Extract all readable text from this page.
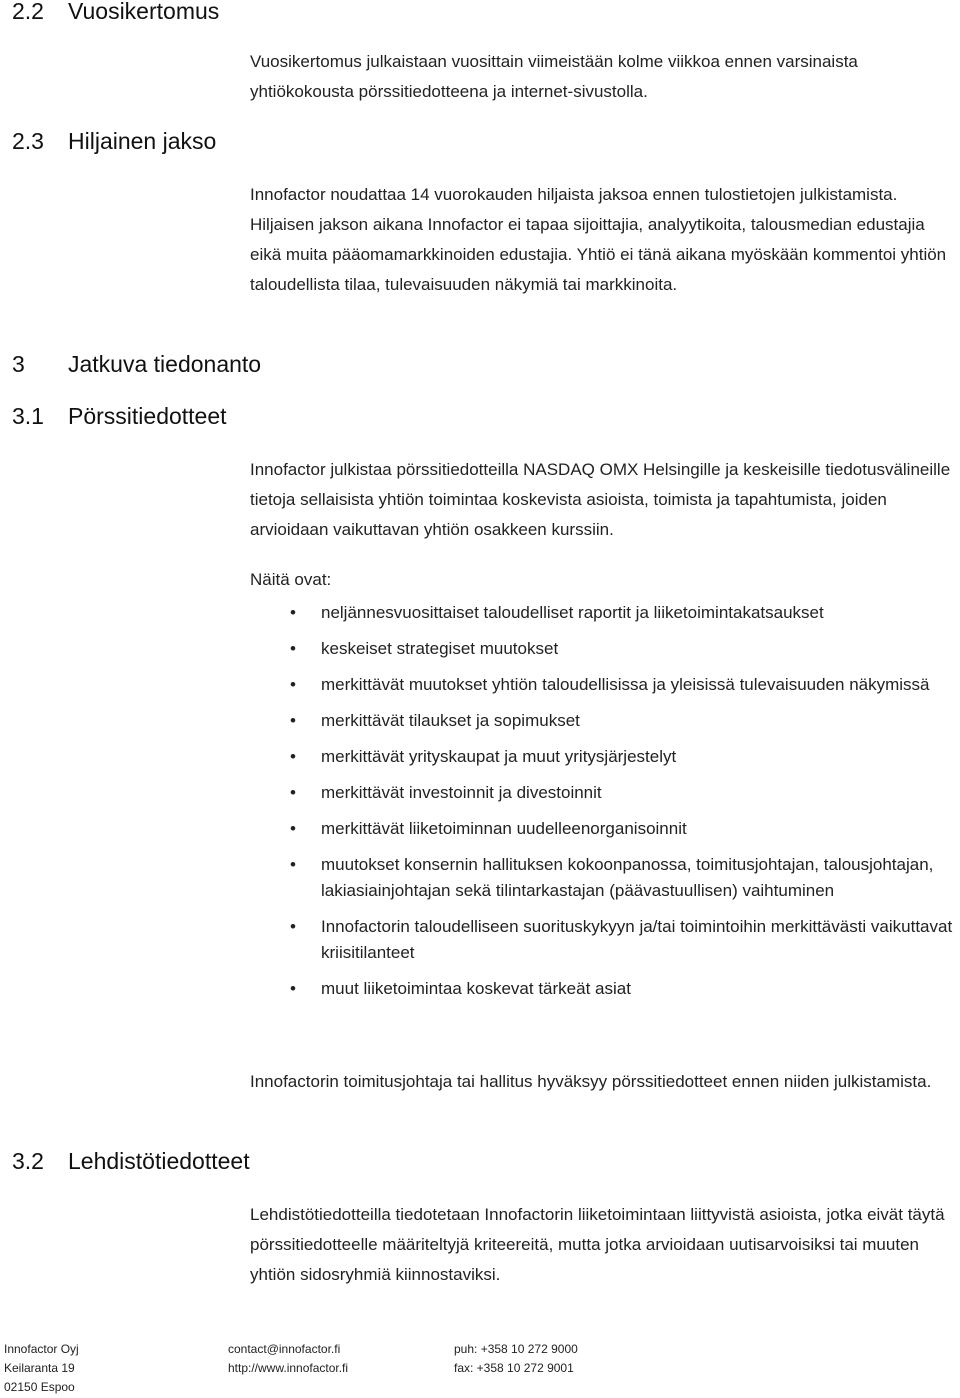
2.2 Vuosikertomus
2.3 Hiljainen jakso
3 Jatkuva tiedonanto
3.1 Pörssitiedotteet
3.2 Lehdistötiedotteet

Vuosikertomus julkaistaan vuosittain viimeistään kolme viikkoa ennen varsinaista yhtiökokousta pörssitiedotteena ja internet-sivustolla.

Innofactor noudattaa 14 vuorokauden hiljaista jaksoa ennen tulostietojen julkistamista. Hiljaisen jakson aikana Innofactor ei tapaa sijoittajia, analyytikoita, talousmedian edustajia eikä muita pääomamarkkinoiden edustajia. Yhtiö ei tänä aikana myöskään kommentoi yhtiön taloudellista tilaa, tulevaisuuden näkymiä tai markkinoita.

Innofactor julkistaa pörssitiedotteilla NASDAQ OMX Helsingille ja keskeisille tiedotusvälineille tietoja sellaisista yhtiön toimintaa koskevista asioista, toimista ja tapahtumista, joiden arvioidaan vaikuttavan yhtiön osakkeen kurssiin.

Näitä ovat:

• neljännesvuosittaiset taloudelliset raportit ja liiketoimintakatsaukset
• keskeiset strategiset muutokset
• merkittävät muutokset yhtiön taloudellisissa ja yleisissä tulevaisuuden näkymissä
• merkittävät tilaukset ja sopimukset
• merkittävät yrityskaupat ja muut yritysjärjestelyt
• merkittävät investoinnit ja divestoinnit
• merkittävät liiketoiminnan uudelleenorganisoinnit
• muutokset konsernin hallituksen kokoonpanossa, toimitusjohtajan, talousjohtajan, lakiasiainjohtajan sekä tilintarkastajan (päävastuullisen) vaihtuminen
• Innofactorin taloudelliseen suorituskykyyn ja/tai toimintoihin merkittävästi vaikuttavat kriisitilanteet
• muut liiketoimintaa koskevat tärkeät asiat

Innofactorin toimitusjohtaja tai hallitus hyväksyy pörssitiedotteet ennen niiden julkistamista.

Lehdistötiedotteilla tiedotetaan Innofactorin liiketoimintaan liittyvistä asioista, jotka eivät täytä pörssitiedotteelle määriteltyjä kriteereitä, mutta jotka arvioidaan uutisarvoisiksi tai muuten yhtiön sidosryhmiä kiinnostaviksi.

Innofactor Oyj
Keilaranta 19
02150 Espoo
contact@innofactor.fi
http://www.innofactor.fi
puh: +358 10 272 9000
fax: +358 10 272 9001
